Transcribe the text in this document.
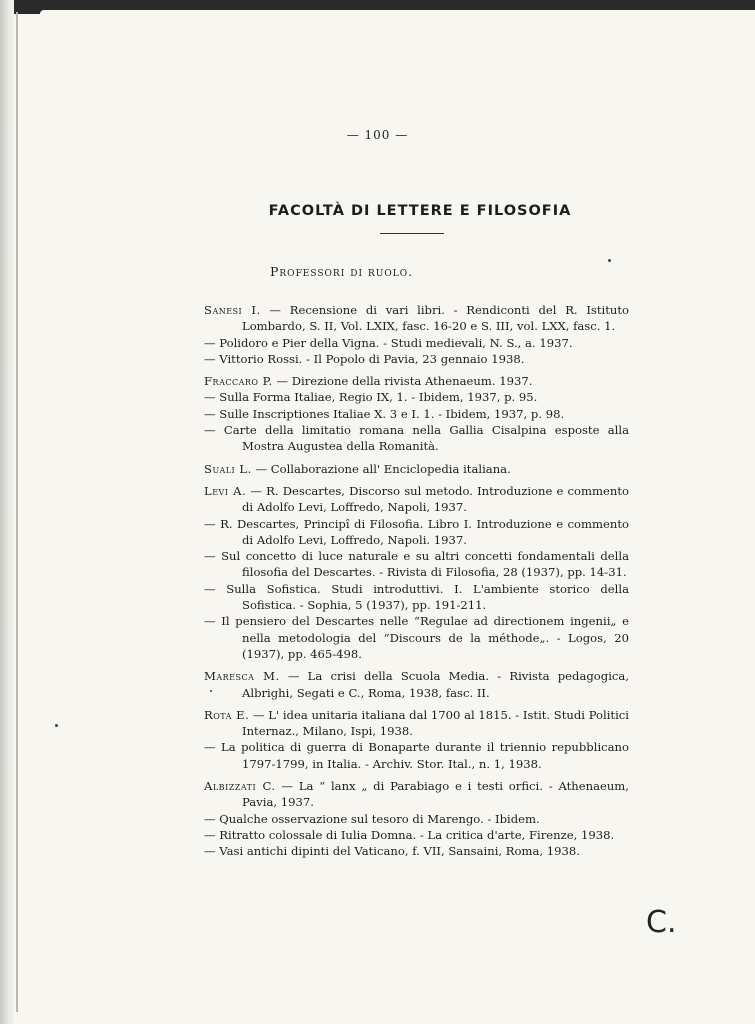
— 100 —
FACOLTÀ DI LETTERE E FILOSOFIA
Professori di ruolo.

Sanesi I. — Recensione di vari libri. - Rendiconti del R. Istituto Lombardo, S. II, Vol. LXIX, fasc. 16-20 e S. III, vol. LXX, fasc. 1.

— Polidoro e Pier della Vigna. - Studi medievali, N. S., a. 1937.

— Vittorio Rossi. - Il Popolo di Pavia, 23 gennaio 1938.

Fraccaro P. — Direzione della rivista Athenaeum. 1937.

— Sulla Forma Italiae, Regio IX, 1. - Ibidem, 1937, p. 95.

— Sulle Inscriptiones Italiae X. 3 e I. 1. - Ibidem, 1937, p. 98.

— Carte della limitatio romana nella Gallia Cisalpina esposte alla Mostra Augustea della Romanità.

Suali L. — Collaborazione all' Enciclopedia italiana.

Levi A. — R. Descartes, Discorso sul metodo. Introduzione e commento di Adolfo Levi, Loffredo, Napoli, 1937.

— R. Descartes, Principî di Filosofia. Libro I. Introduzione e commento di Adolfo Levi, Loffredo, Napoli. 1937.

— Sul concetto di luce naturale e su altri concetti fondamentali della filosofia del Descartes. - Rivista di Filosofia, 28 (1937), pp. 14-31.

— Sulla Sofistica. Studi introduttivi. I. L'ambiente storico della Sofistica. - Sophia, 5 (1937), pp. 191-211.

— Il pensiero del Descartes nelle “Regulae ad directionem ingenii„ e nella metodologia del “Discours de la méthode„. - Logos, 20 (1937), pp. 465-498.

Maresca M. — La crisi della Scuola Media. - Rivista pedagogica, Albrighi, Segati e C., Roma, 1938, fasc. II.

Rota E. — L' idea unitaria italiana dal 1700 al 1815. - Istit. Studi Politici Internaz., Milano, Ispi, 1938.

— La politica di guerra di Bonaparte durante il triennio repubblicano 1797-1799, in Italia. - Archiv. Stor. Ital., n. 1, 1938.

Albizzati C. — La “ lanx „ di Parabiago e i testi orfici. - Athenaeum, Pavia, 1937.

— Qualche osservazione sul tesoro di Marengo. - Ibidem.

— Ritratto colossale di Iulia Domna. - La critica d'arte, Firenze, 1938.

— Vasi antichi dipinti del Vaticano, f. VII, Sansaini, Roma, 1938.

C.
